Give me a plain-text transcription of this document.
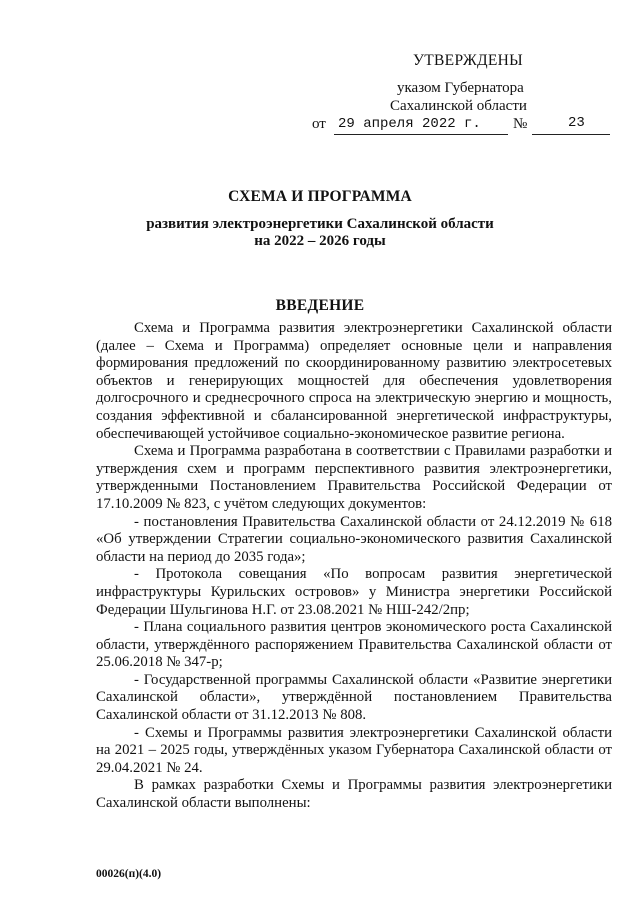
УТВЕРЖДЕНЫ
указом Губернатора
Сахалинской области
от 29 апреля 2022 г. №	23
СХЕМА И ПРОГРАММА
развития электроэнергетики Сахалинской области
на 2022 – 2026 годы
ВВЕДЕНИЕ

Схема и Программа развития электроэнергетики Сахалинской области (далее – Схема и Программа) определяет основные цели и направления формирования предложений по скоординированному развитию электросетевых объектов и генерирующих мощностей для обеспечения удовлетворения долгосрочного и среднесрочного спроса на электрическую энергию и мощность, создания эффективной и сбалансированной энергетической инфраструктуры, обеспечивающей устойчивое социально-экономическое развитие региона.

Схема и Программа разработана в соответствии с Правилами разработки и утверждения схем и программ перспективного развития электроэнергетики, утвержденными Постановлением Правительства Российской Федерации от 17.10.2009 № 823, с учётом следующих документов:

- постановления Правительства Сахалинской области от 24.12.2019 № 618 «Об утверждении Стратегии социально-экономического развития Сахалинской области на период до 2035 года»;

- Протокола совещания «По вопросам развития энергетической инфраструктуры Курильских островов» у Министра энергетики Российской Федерации Шульгинова Н.Г. от 23.08.2021 № НШ-242/2пр;

- Плана социального развития центров экономического роста Сахалинской области, утверждённого распоряжением Правительства Сахалинской области от 25.06.2018 № 347-р;

- Государственной программы Сахалинской области «Развитие энергетики Сахалинской области», утверждённой постановлением Правительства Сахалинской области от 31.12.2013 № 808.

- Схемы и Программы развития электроэнергетики Сахалинской области на 2021 – 2025 годы, утверждённых указом Губернатора Сахалинской области от 29.04.2021 № 24.

В рамках разработки Схемы и Программы развития электроэнергетики Сахалинской области выполнены:

00026(п)(4.0)
